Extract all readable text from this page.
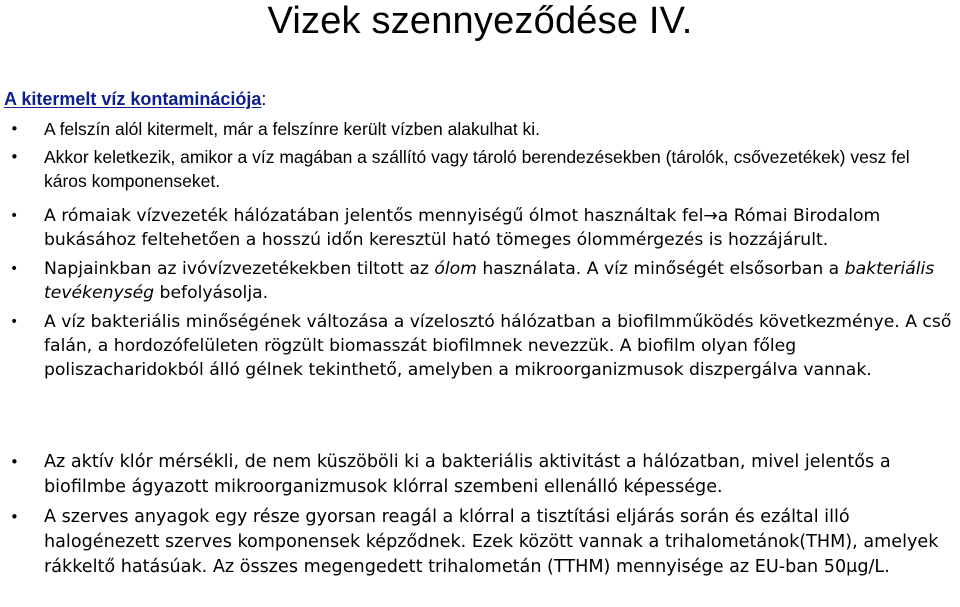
Vizek szennyeződése IV.
A kitermelt víz kontaminációja:
• A felszín alól kitermelt, már a felszínre került vízben alakulhat ki.
• Akkor keletkezik, amikor a víz magában a szállító vagy tároló berendezésekben (tárolók, csővezetékek) vesz fel káros komponenseket.
• A rómaiak vízvezeték hálózatában jelentős mennyiségű ólmot használtak fel→a Római Birodalom bukásához feltehetően a hosszú időn keresztül ható tömeges ólommérgezés is hozzájárult.
• Napjainkban az ivóvízvezetékekben tiltott az ólom használata. A víz minőségét elsősorban a bakteriális tevékenység befolyásolja.
• A víz bakteriális minőségének változása a vízelosztó hálózatban a biofilmműködés következménye. A cső falán, a hordozófelületen rögzült biomasszát biofilmnek nevezzük. A biofilm olyan főleg poliszacharidokból álló gélnek tekinthető, amelyben a mikroorganizmusok diszpergálva vannak.
• Az aktív klór mérsékli, de nem küszöböli ki a bakteriális aktivitást a hálózatban, mivel jelentős a biofilmbe ágyazott mikroorganizmusok klórral szembeni ellenálló képessége.
• A szerves anyagok egy része gyorsan reagál a klórral a tisztítási eljárás során és ezáltal illó halogénezett szerves komponensek képződnek. Ezek között vannak a trihalometánok(THM), amelyek rákkeltő hatásúak. Az összes megengedett trihalometán (TTHM) mennyisége az EU-ban 50μg/L.
